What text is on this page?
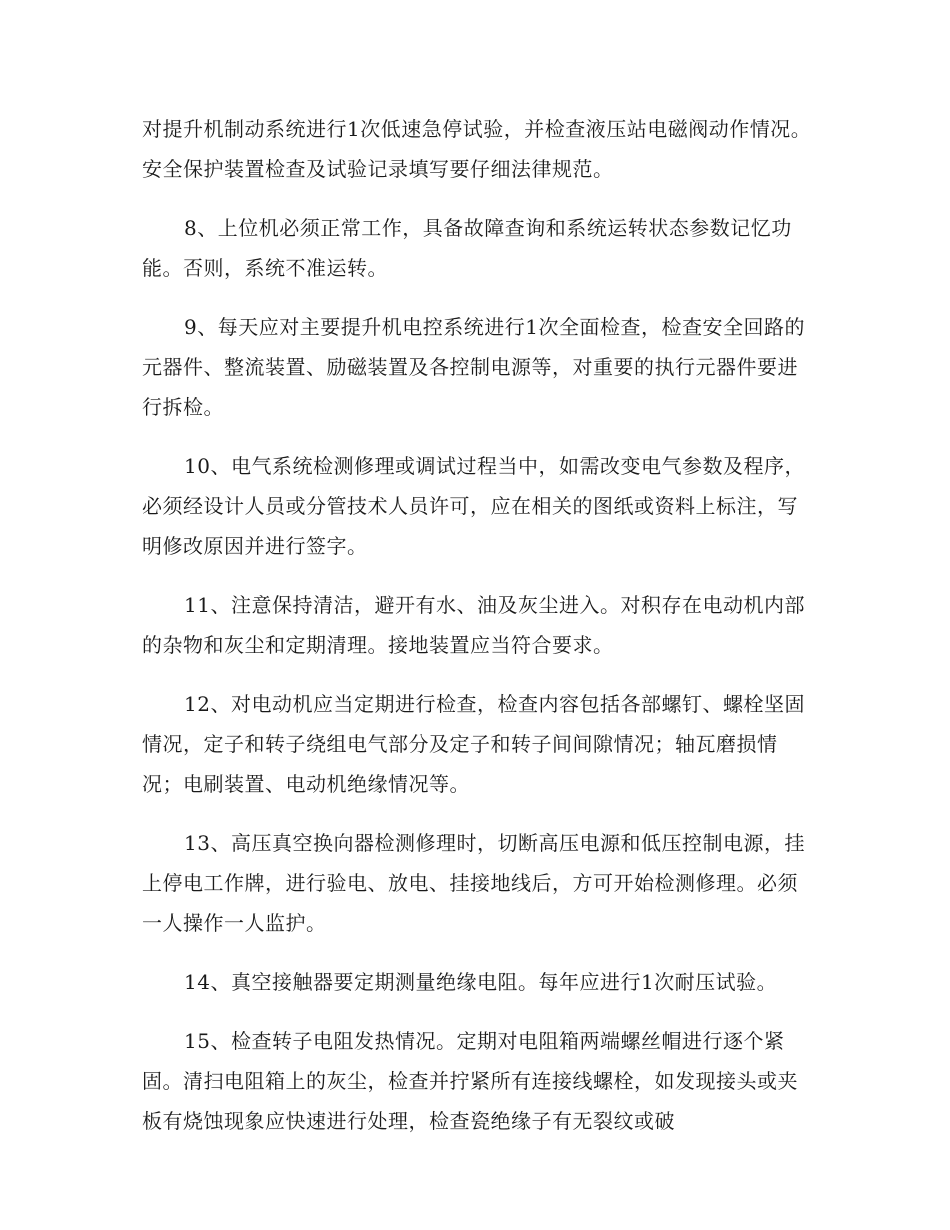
对提升机制动系统进行1次低速急停试验，并检查液压站电磁阀动作情况。安全保护装置检查及试验记录填写要仔细法律规范。

8、上位机必须正常工作，具备故障查询和系统运转状态参数记忆功能。否则，系统不准运转。

9、每天应对主要提升机电控系统进行1次全面检查，检查安全回路的元器件、整流装置、励磁装置及各控制电源等，对重要的执行元器件要进行拆检。

10、电气系统检测修理或调试过程当中，如需改变电气参数及程序，必须经设计人员或分管技术人员许可，应在相关的图纸或资料上标注，写明修改原因并进行签字。

11、注意保持清洁，避开有水、油及灰尘进入。对积存在电动机内部的杂物和灰尘和定期清理。接地装置应当符合要求。

12、对电动机应当定期进行检查，检查内容包括各部螺钉、螺栓坚固情况，定子和转子绕组电气部分及定子和转子间间隙情况；轴瓦磨损情况；电刷装置、电动机绝缘情况等。

13、高压真空换向器检测修理时，切断高压电源和低压控制电源，挂上停电工作牌，进行验电、放电、挂接地线后，方可开始检测修理。必须一人操作一人监护。

14、真空接触器要定期测量绝缘电阻。每年应进行1次耐压试验。

15、检查转子电阻发热情况。定期对电阻箱两端螺丝帽进行逐个紧固。清扫电阻箱上的灰尘，检查并拧紧所有连接线螺栓，如发现接头或夹板有烧蚀现象应快速进行处理，检查瓷绝缘子有无裂纹或破
